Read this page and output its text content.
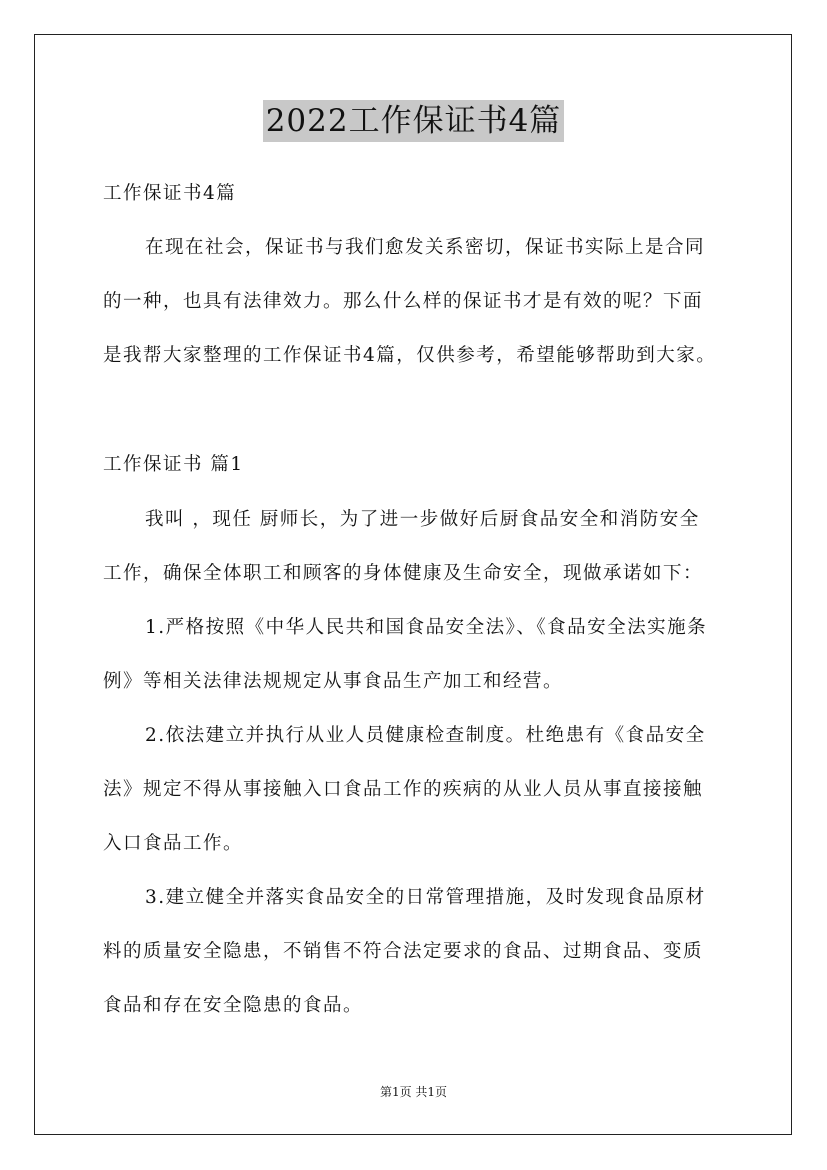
2022工作保证书4篇

工作保证书4篇

在现在社会，保证书与我们愈发关系密切，保证书实际上是合同

的一种，也具有法律效力。那么什么样的保证书才是有效的呢？下面

是我帮大家整理的工作保证书4篇，仅供参考，希望能够帮助到大家。

工作保证书 篇1

我叫 ，现任 厨师长，为了进一步做好后厨食品安全和消防安全

工作，确保全体职工和顾客的身体健康及生命安全，现做承诺如下：

1.严格按照《中华人民共和国食品安全法》、《食品安全法实施条

例》等相关法律法规规定从事食品生产加工和经营。

2.依法建立并执行从业人员健康检查制度。杜绝患有《食品安全

法》规定不得从事接触入口食品工作的疾病的从业人员从事直接接触

入口食品工作。

3.建立健全并落实食品安全的日常管理措施，及时发现食品原材

料的质量安全隐患，不销售不符合法定要求的食品、过期食品、变质

食品和存在安全隐患的食品。

第1页 共1页
